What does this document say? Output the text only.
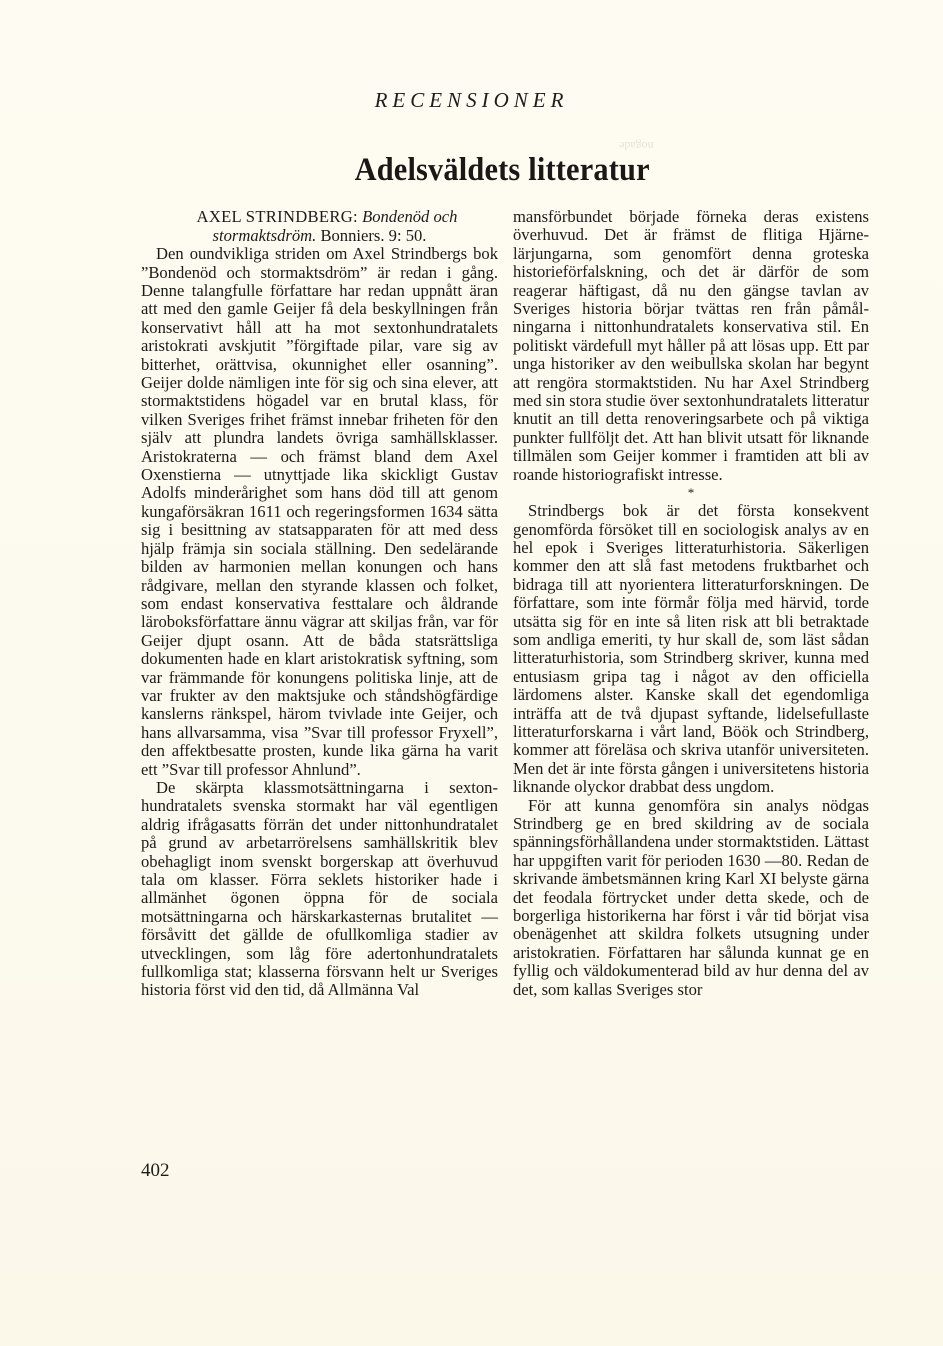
nogade
RECENSIONER
Adelsväldets litteratur

AXEL STRINDBERG: Bondenöd och stormaktsdröm. Bonniers. 9: 50.

Den oundvikliga striden om Axel Strindbergs bok ”Bondenöd och stormaktsdröm” är redan i gång. Denne talangfulle författare har redan uppnått äran att med den gamle Geijer få dela beskyllningen från konservativt håll att ha mot sextonhundratalets aristokrati avskjutit ”förgiftade pilar, vare sig av bitterhet, orättvisa, okunnighet eller osanning”. Geijer dolde nämligen inte för sig och sina elever, att stormaktstidens högadel var en brutal klass, för vilken Sveriges frihet främst innebar friheten för den själv att plundra landets övriga samhällsklasser. Aristokraterna — och främst bland dem Axel Oxenstierna — utnyttjade lika skickligt Gustav Adolfs minderårighet som hans död till att genom kungaförsäkran 1611 och regeringsformen 1634 sätta sig i besittning av statsapparaten för att med dess hjälp främja sin sociala ställning. Den sedelärande bilden av harmonien mellan konungen och hans rådgivare, mellan den styrande klassen och folket, som endast konservativa festtalare och åldrande läroboksförfattare ännu vägrar att skiljas från, var för Geijer djupt osann. Att de båda statsrättsliga dokumenten hade en klart aristokratisk syftning, som var främmande för konungens politiska linje, att de var frukter av den maktsjuke och ståndshögfärdige kanslerns ränkspel, härom tvivlade inte Geijer, och hans allvarsamma, visa ”Svar till professor Fryxell”, den affektbesatte prosten, kunde lika gärna ha varit ett ”Svar till professor Ahnlund”.

De skärpta klassmotsättningarna i sextonhundratalets svenska stormakt har väl egentligen aldrig ifrågasatts förrän det under nittonhundratalet på grund av arbetarrörelsens samhällskritik blev obehagligt inom svenskt borgerskap att överhuvud tala om klasser. Förra seklets historiker hade i allmänhet ögonen öppna för de sociala motsättningarna och härskarkasternas brutalitet — försåvitt det gällde de ofullkomliga stadier av utvecklingen, som låg före adertonhundratalets fullkomliga stat; klasserna försvann helt ur Sveriges historia först vid den tid, då Allmänna Val

mansförbundet började förneka deras existens överhuvud. Det är främst de flitiga Hjärnelärjungarna, som genomfört denna groteska historieförfalskning, och det är därför de som reagerar häftigast, då nu den gängse tavlan av Sveriges historia börjar tvättas ren från påmålningarna i nittonhundratalets konservativa stil. En politiskt värdefull myt håller på att lösas upp. Ett par unga historiker av den weibullska skolan har begynt att rengöra stormaktstiden. Nu har Axel Strindberg med sin stora studie över sextonhundratalets litteratur knutit an till detta renoveringsarbete och på viktiga punkter fullföljt det. Att han blivit utsatt för liknande tillmälen som Geijer kommer i framtiden att bli av roande historiografiskt intresse.

*

Strindbergs bok är det första konsekvent genomförda försöket till en sociologisk analys av en hel epok i Sveriges litteraturhistoria. Säkerligen kommer den att slå fast metodens fruktbarhet och bidraga till att nyorientera litteraturforskningen. De författare, som inte förmår följa med härvid, torde utsätta sig för en inte så liten risk att bli betraktade som andliga emeriti, ty hur skall de, som läst sådan litteraturhistoria, som Strindberg skriver, kunna med entusiasm gripa tag i något av den officiella lärdomens alster. Kanske skall det egendomliga inträffa att de två djupast syftande, lidelsefullaste litteraturforskarna i vårt land, Böök och Strindberg, kommer att föreläsa och skriva utanför universiteten. Men det är inte första gången i universitetens historia liknande olyckor drabbat dess ungdom.

För att kunna genomföra sin analys nödgas Strindberg ge en bred skildring av de sociala spänningsförhållandena under stormaktstiden. Lättast har uppgiften varit för perioden 1630 —80. Redan de skrivande ämbetsmännen kring Karl XI belyste gärna det feodala förtrycket under detta skede, och de borgerliga historikerna har först i vår tid börjat visa obenägenhet att skildra folkets utsugning under aristokratien. Författaren har sålunda kunnat ge en fyllig och väldokumenterad bild av hur denna del av det, som kallas Sveriges stor

402
